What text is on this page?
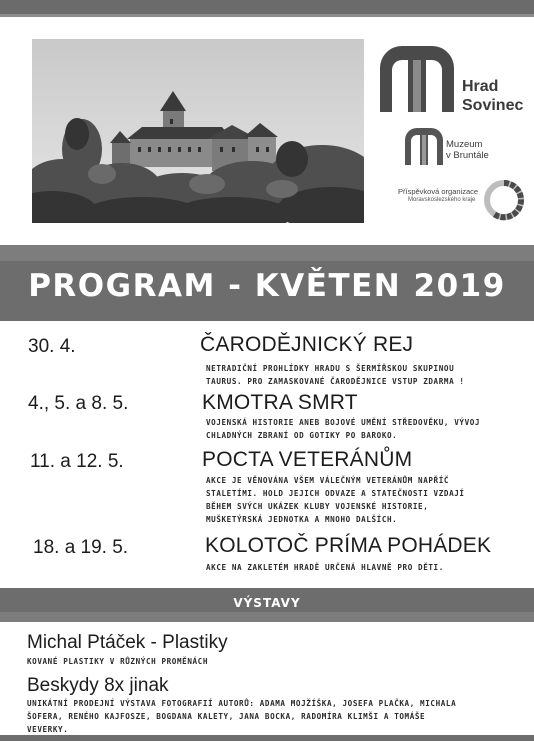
Hrad
Sovinec
Muzeum
v Bruntále
Příspěvková organizace
Moravskoslezského kraje
PROGRAM - KVĚTEN 2019
30. 4.	ČARODĚJNICKÝ REJ
NETRADIČNÍ PROHLÍDKY HRADU S ŠERMÍŘSKOU SKUPINOU
TAURUS. PRO ZAMASKOVANÉ ČARODĚJNICE VSTUP ZDARMA !
4., 5. a 8. 5.	KMOTRA SMRT
VOJENSKÁ HISTORIE ANEB BOJOVÉ UMĚNÍ STŘEDOVĚKU, VÝVOJ
CHLADNÝCH ZBRANÍ OD GOTIKY PO BAROKO.
11. a 12. 5.	POCTA VETERÁNŮM
AKCE JE VĚNOVÁNA VŠEM VÁLEČNÝM VETERÁNŮM NAPŘÍČ
STALETÍMI. HOLD JEJICH ODVAZE A STATEČNOSTI VZDAJÍ
BĚHEM SVÝCH UKÁZEK KLUBY VOJENSKÉ HISTORIE,
MUŠKETÝRSKÁ JEDNOTKA A MNOHO DALŠÍCH.
18. a 19. 5.	KOLOTOČ PRÍMA POHÁDEK
AKCE NA ZAKLETÉM HRADĚ URČENÁ HLAVNĚ PRO DĚTI.
VÝSTAVY
Michal Ptáček - Plastiky
KOVANÉ PLASTIKY V RŮZNÝCH PROMĚNÁCH
Beskydy 8x jinak
UNIKÁTNÍ PRODEJNÍ VÝSTAVA FOTOGRAFIÍ AUTORŮ: ADAMA MOJŽÍŠKA, JOSEFA PLAČKA, MICHALA
ŠOFERA, RENÉHO KAJFOSZE, BOGDANA KALETY, JANA BOCKA, RADOMÍRA KLIMŠI A TOMÁŠE
VEVERKY.
